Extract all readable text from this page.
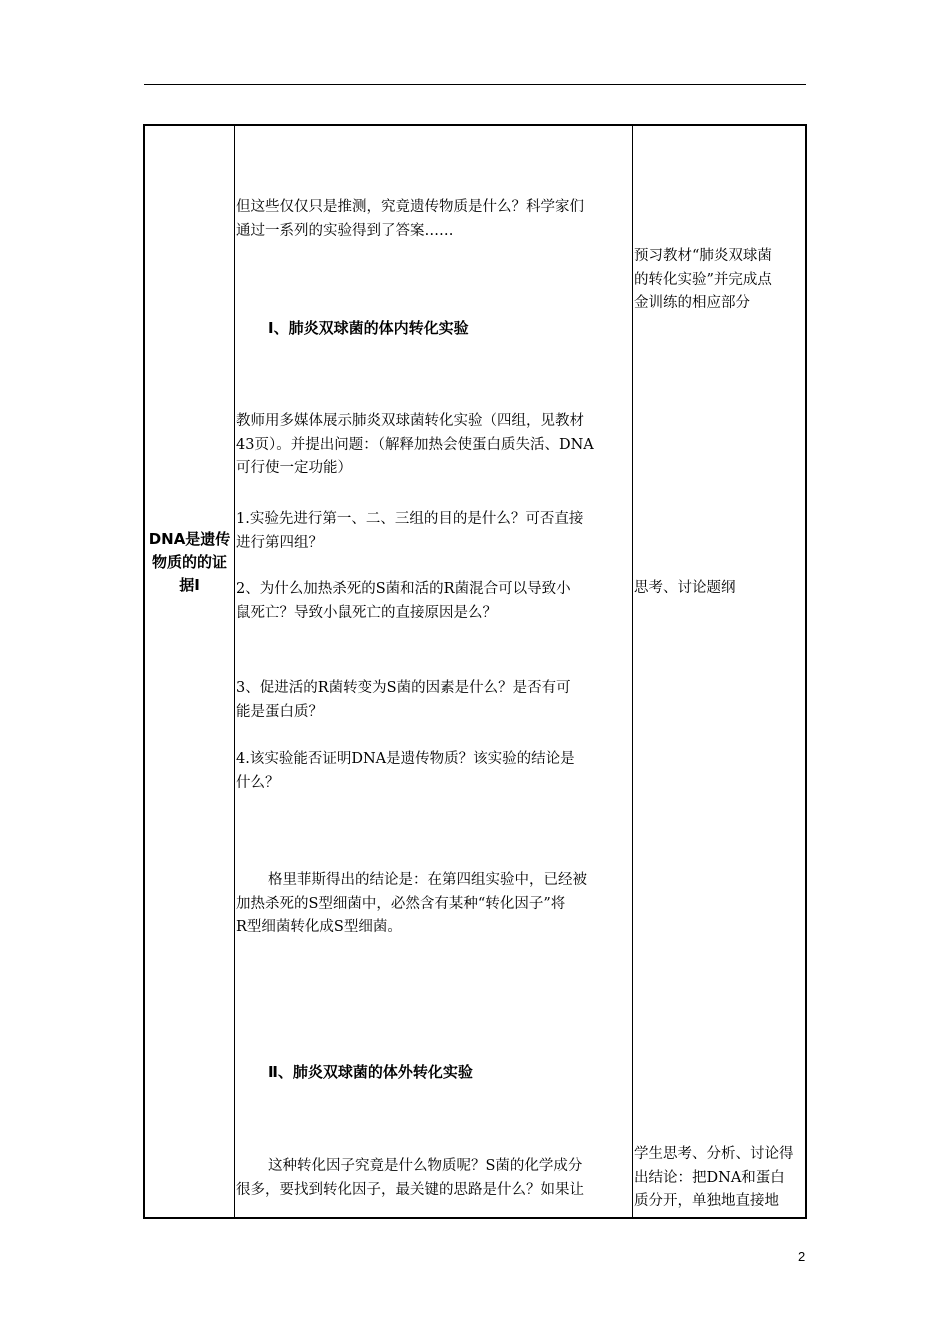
DNA是遗传
物质的的证
据Ⅰ
但这些仅仅只是推测，究竟遗传物质是什么？科学家们
通过一系列的实验得到了答案……
Ⅰ、肺炎双球菌的体内转化实验
教师用多媒体展示肺炎双球菌转化实验（四组，见教材
43页）。并提出问题：（解释加热会使蛋白质失活、DNA
可行使一定功能）
1.实验先进行第一、二、三组的目的是什么？可否直接
进行第四组？
2、为什么加热杀死的S菌和活的R菌混合可以导致小
鼠死亡？导致小鼠死亡的直接原因是么？
3、促进活的R菌转变为S菌的因素是什么？是否有可
能是蛋白质？
4.该实验能否证明DNA是遗传物质？该实验的结论是
什么？
格里菲斯得出的结论是：在第四组实验中，已经被
加热杀死的S型细菌中，必然含有某种“转化因子”将
R型细菌转化成S型细菌。
Ⅱ、肺炎双球菌的体外转化实验
这种转化因子究竟是什么物质呢？S菌的化学成分
很多，要找到转化因子，最关键的思路是什么？如果让
预习教材“肺炎双球菌
的转化实验”并完成点
金训练的相应部分
思考、讨论题纲
学生思考、分析、讨论得
出结论：把DNA和蛋白
质分开，单独地直接地
2
